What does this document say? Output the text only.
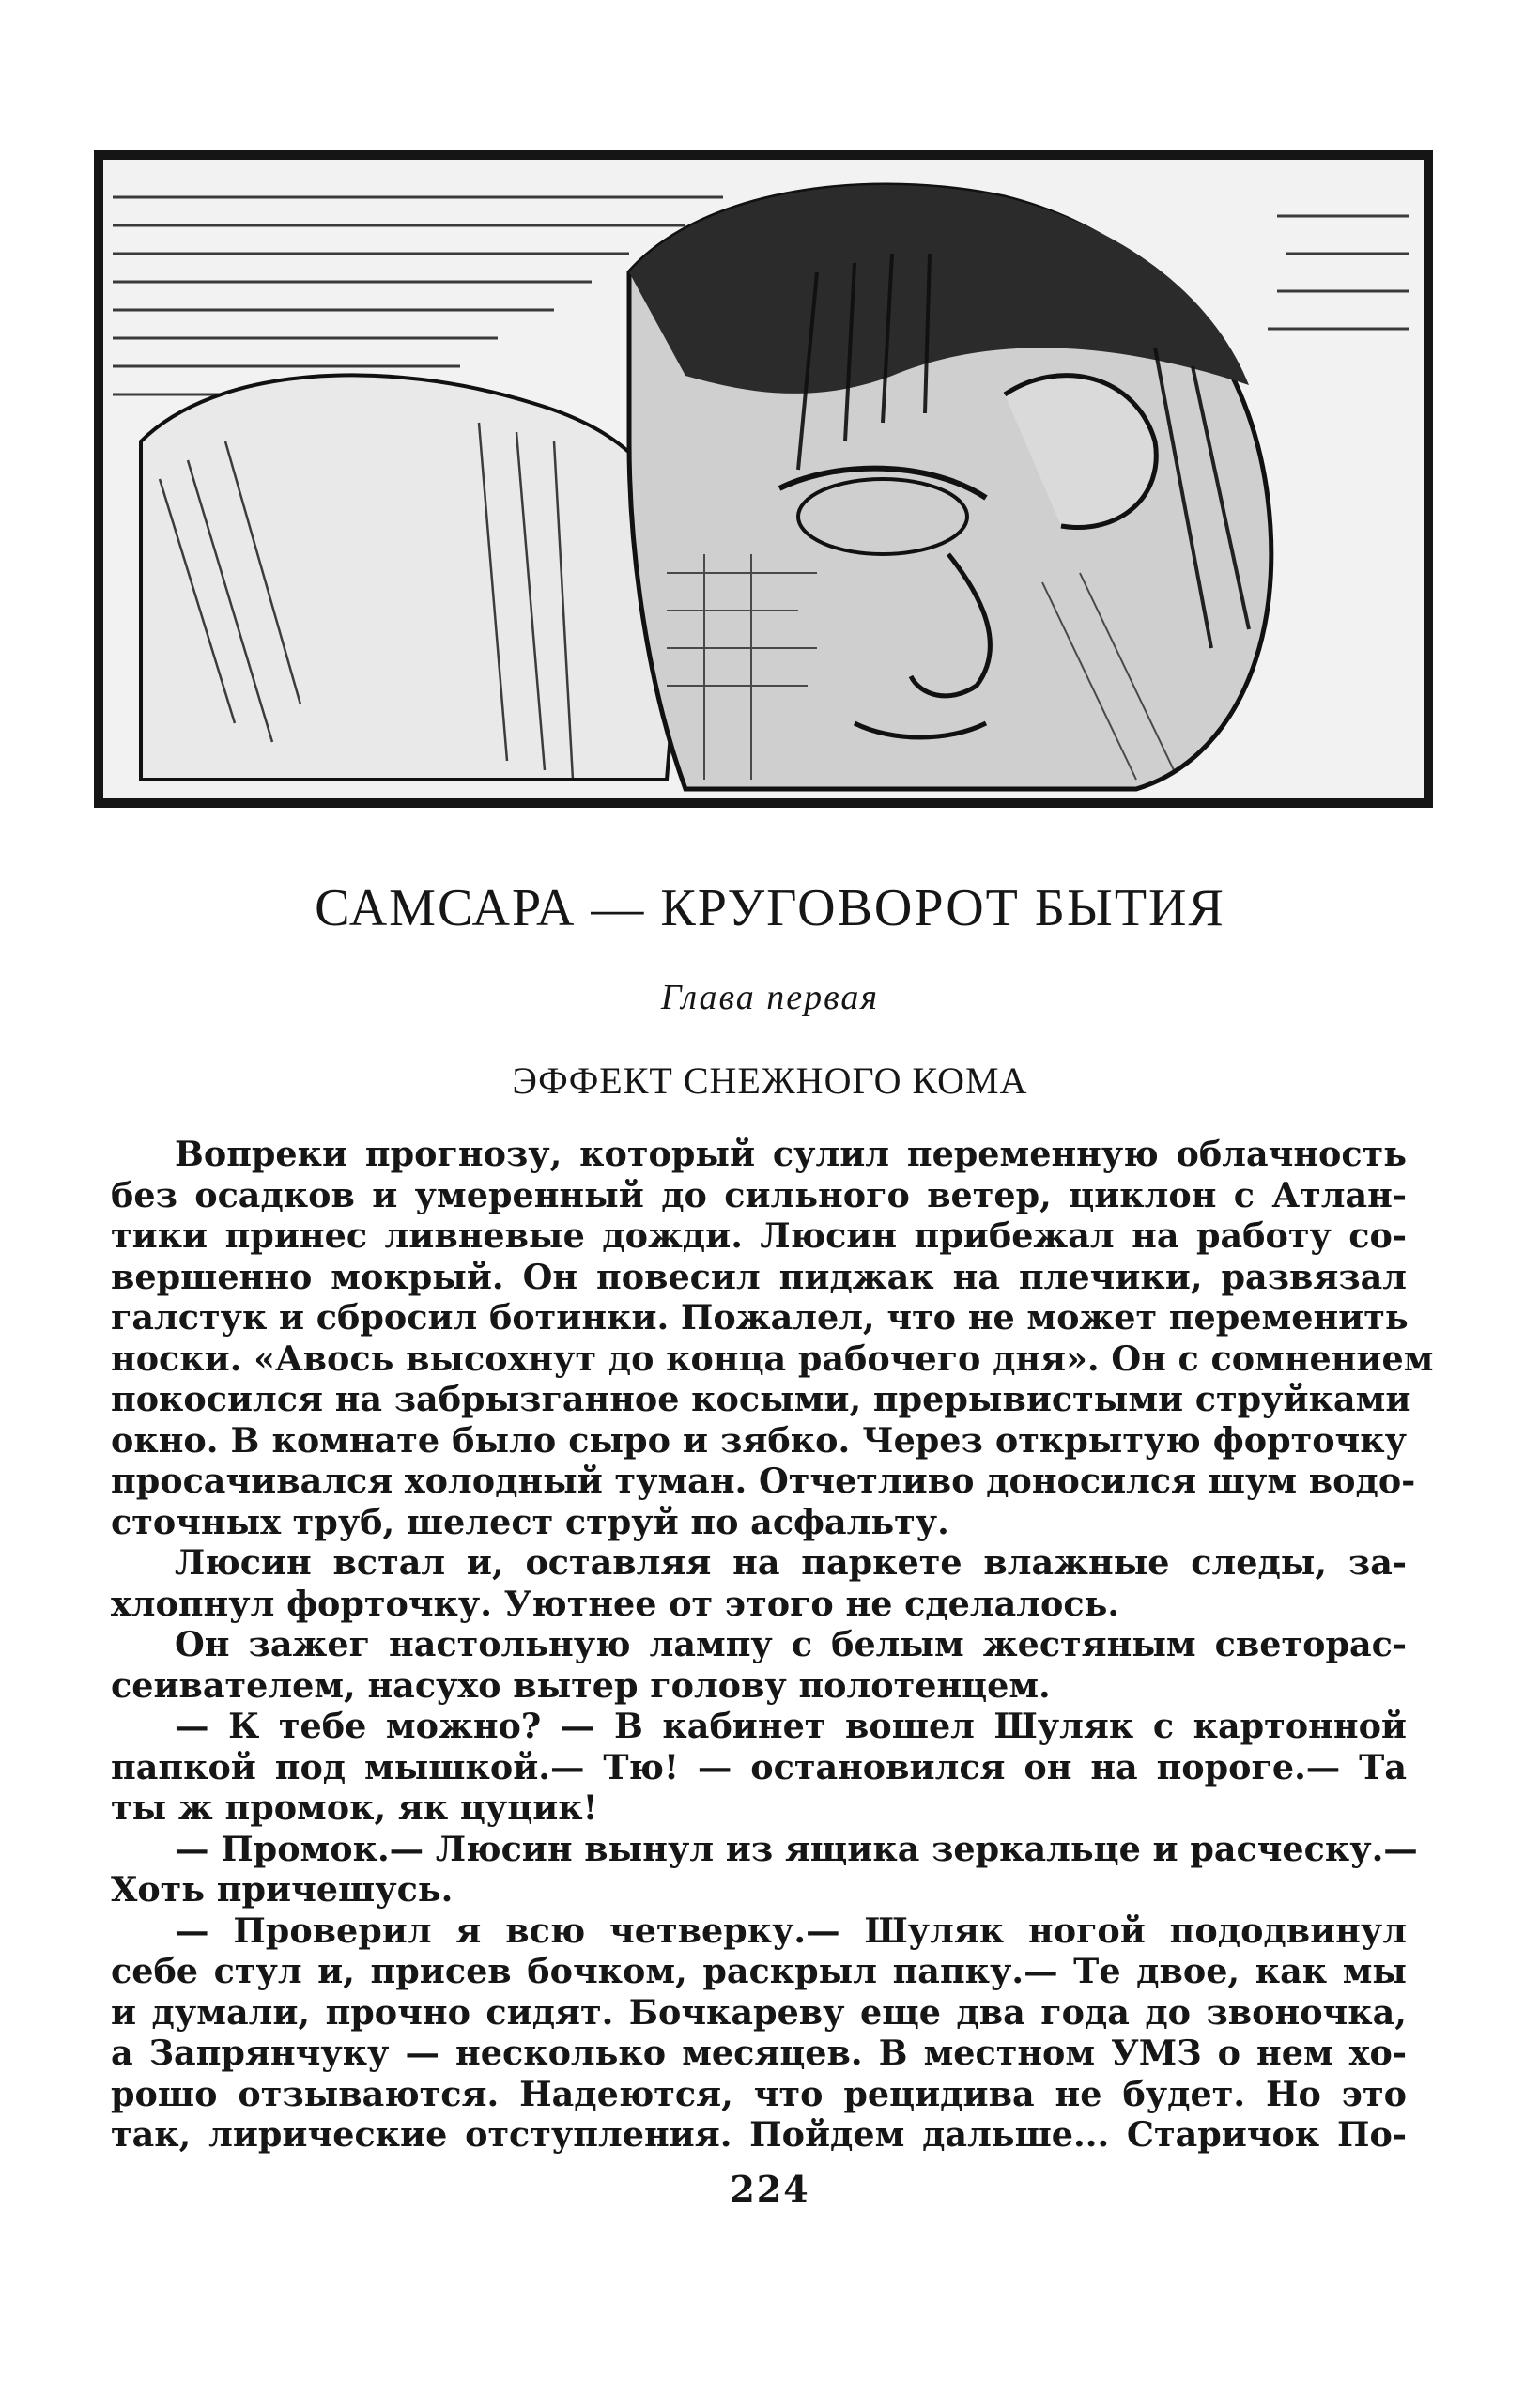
САМСАРА — КРУГОВОРОТ БЫТИЯ
Глава первая
ЭФФЕКТ СНЕЖНОГО КОМА
Вопреки прогнозу, который сулил переменную облачность
без осадков и умеренный до сильного ветер, циклон с Атлан-
тики принес ливневые дожди. Люсин прибежал на работу со-
вершенно мокрый. Он повесил пиджак на плечики, развязал
галстук и сбросил ботинки. Пожалел, что не может переменить
носки. «Авось высохнут до конца рабочего дня». Он с сомнением
покосился на забрызганное косыми, прерывистыми струйками
окно. В комнате было сыро и зябко. Через открытую форточку
просачивался холодный туман. Отчетливо доносился шум водо-
сточных труб, шелест струй по асфальту.
Люсин встал и, оставляя на паркете влажные следы, за-
хлопнул форточку. Уютнее от этого не сделалось.
Он зажег настольную лампу с белым жестяным светорас-
сеивателем, насухо вытер голову полотенцем.
— К тебе можно? — В кабинет вошел Шуляк с картонной
папкой под мышкой.— Тю! — остановился он на пороге.— Та
ты ж промок, як цуцик!
— Промок.— Люсин вынул из ящика зеркальце и расческу.—
Хоть причешусь.
— Проверил я всю четверку.— Шуляк ногой пододвинул
себе стул и, присев бочком, раскрыл папку.— Те двое, как мы
и думали, прочно сидят. Бочкареву еще два года до звоночка,
а Запрянчуку — несколько месяцев. В местном УМЗ о нем хо-
рошо отзываются. Надеются, что рецидива не будет. Но это
так, лирические отступления. Пойдем дальше... Старичок По-
224
